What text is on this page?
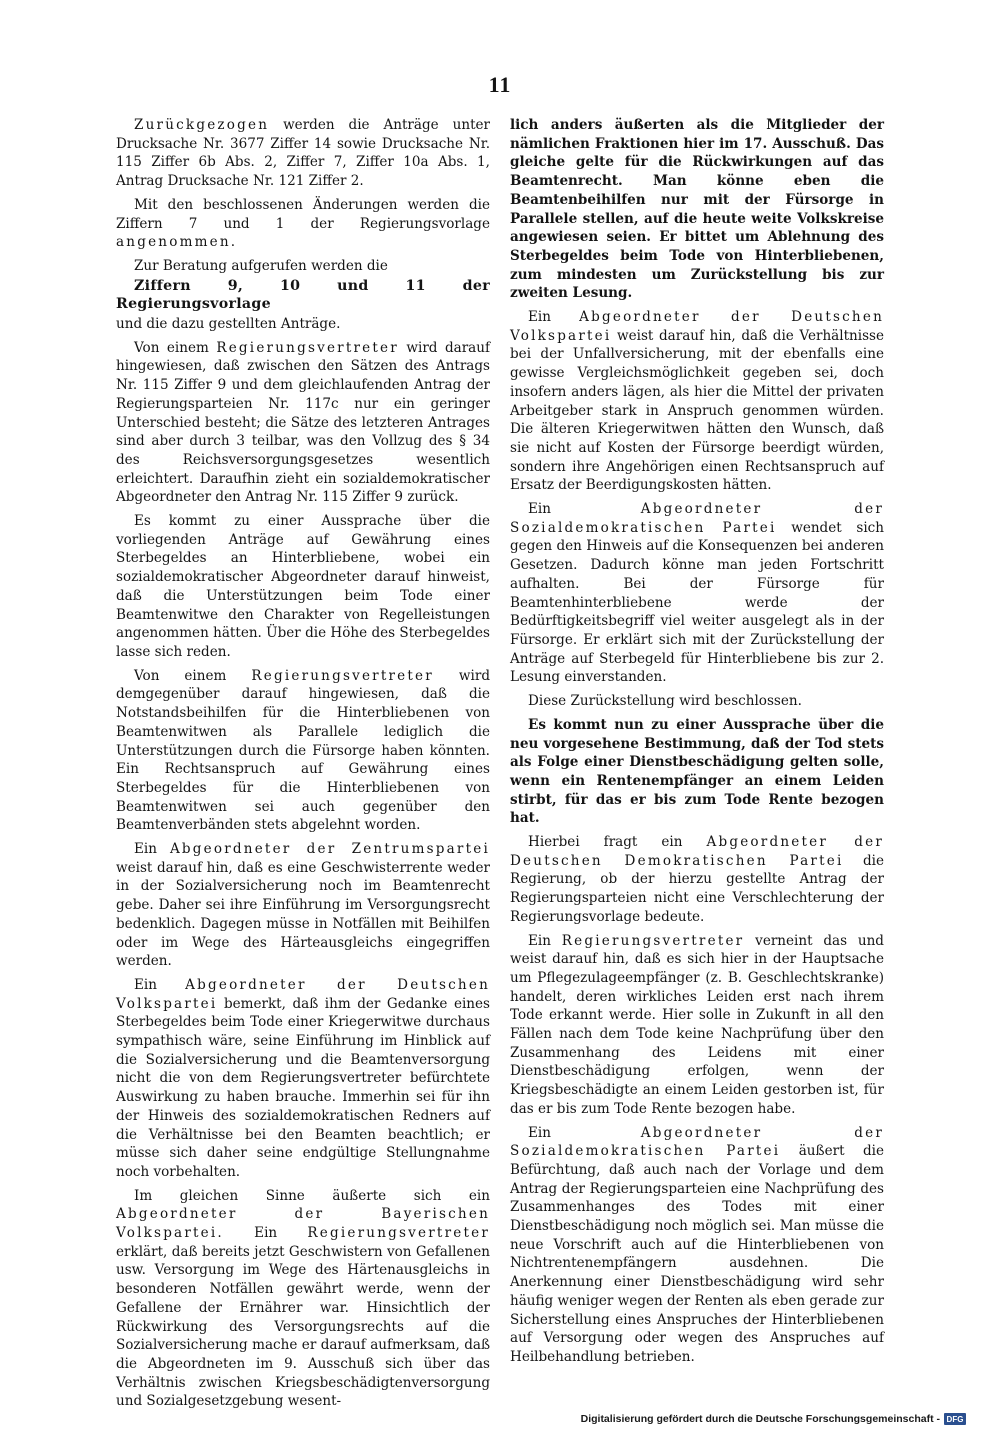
11

Zurückgezogen werden die Anträge unter Drucksache Nr. 3677 Ziffer 14 sowie Drucksache Nr. 115 Ziffer 6b Abs. 2, Ziffer 7, Ziffer 10a Abs. 1, Antrag Drucksache Nr. 121 Ziffer 2.

Mit den beschlossenen Änderungen werden die Ziffern 7 und 1 der Regierungsvorlage angenommen.

Zur Beratung aufgerufen werden die

Ziffern 9, 10 und 11 der Regierungsvorlage

und die dazu gestellten Anträge.

Von einem Regierungsvertreter wird darauf hingewiesen, daß zwischen den Sätzen des Antrags Nr. 115 Ziffer 9 und dem gleichlaufenden Antrag der Regierungsparteien Nr. 117c nur ein geringer Unterschied besteht; die Sätze des letzteren Antrages sind aber durch 3 teilbar, was den Vollzug des § 34 des Reichsversorgungsgesetzes wesentlich erleichtert. Daraufhin zieht ein sozialdemokratischer Abgeordneter den Antrag Nr. 115 Ziffer 9 zurück.

Es kommt zu einer Aussprache über die vorliegenden Anträge auf Gewährung eines Sterbegeldes an Hinterbliebene, wobei ein sozialdemokratischer Abgeordneter darauf hinweist, daß die Unterstützungen beim Tode einer Beamtenwitwe den Charakter von Regelleistungen angenommen hätten. Über die Höhe des Sterbegeldes lasse sich reden.

Von einem Regierungsvertreter wird demgegenüber darauf hingewiesen, daß die Notstandsbeihilfen für die Hinterbliebenen von Beamtenwitwen als Parallele lediglich die Unterstützungen durch die Fürsorge haben könnten. Ein Rechtsanspruch auf Gewährung eines Sterbegeldes für die Hinterbliebenen von Beamtenwitwen sei auch gegenüber den Beamtenverbänden stets abgelehnt worden.

Ein Abgeordneter der Zentrumspartei weist darauf hin, daß es eine Geschwisterrente weder in der Sozialversicherung noch im Beamtenrecht gebe. Daher sei ihre Einführung im Versorgungsrecht bedenklich. Dagegen müsse in Notfällen mit Beihilfen oder im Wege des Härteausgleichs eingegriffen werden.

Ein Abgeordneter der Deutschen Volkspartei bemerkt, daß ihm der Gedanke eines Sterbegeldes beim Tode einer Kriegerwitwe durchaus sympathisch wäre, seine Einführung im Hinblick auf die Sozialversicherung und die Beamtenversorgung nicht die von dem Regierungsvertreter befürchtete Auswirkung zu haben brauche. Immerhin sei für ihn der Hinweis des sozialdemokratischen Redners auf die Verhältnisse bei den Beamten beachtlich; er müsse sich daher seine endgültige Stellungnahme noch vorbehalten.

Im gleichen Sinne äußerte sich ein Abgeordneter der Bayerischen Volkspartei. Ein Regierungsvertreter erklärt, daß bereits jetzt Geschwistern von Gefallenen usw. Versorgung im Wege des Härtenausgleichs in besonderen Notfällen gewährt werde, wenn der Gefallene der Ernährer war. Hinsichtlich der Rückwirkung des Versorgungsrechts auf die Sozialversicherung mache er darauf aufmerksam, daß die Abgeordneten im 9. Ausschuß sich über das Verhältnis zwischen Kriegsbeschädigtenversorgung und Sozialgesetzgebung wesent-

lich anders äußerten als die Mitglieder der nämlichen Fraktionen hier im 17. Ausschuß. Das gleiche gelte für die Rückwirkungen auf das Beamtenrecht. Man könne eben die Beamtenbeihilfen nur mit der Fürsorge in Parallele stellen, auf die heute weite Volkskreise angewiesen seien. Er bittet um Ablehnung des Sterbegeldes beim Tode von Hinterbliebenen, zum mindesten um Zurückstellung bis zur zweiten Lesung.

Ein Abgeordneter der Deutschen Volkspartei weist darauf hin, daß die Verhältnisse bei der Unfallversicherung, mit der ebenfalls eine gewisse Vergleichsmöglichkeit gegeben sei, doch insofern anders lägen, als hier die Mittel der privaten Arbeitgeber stark in Anspruch genommen würden. Die älteren Kriegerwitwen hätten den Wunsch, daß sie nicht auf Kosten der Fürsorge beerdigt würden, sondern ihre Angehörigen einen Rechtsanspruch auf Ersatz der Beerdigungskosten hätten.

Ein Abgeordneter der Sozialdemokratischen Partei wendet sich gegen den Hinweis auf die Konsequenzen bei anderen Gesetzen. Dadurch könne man jeden Fortschritt aufhalten. Bei der Fürsorge für Beamtenhinterbliebene werde der Bedürftigkeitsbegriff viel weiter ausgelegt als in der Fürsorge. Er erklärt sich mit der Zurückstellung der Anträge auf Sterbegeld für Hinterbliebene bis zur 2. Lesung einverstanden.

Diese Zurückstellung wird beschlossen.

Es kommt nun zu einer Aussprache über die neu vorgesehene Bestimmung, daß der Tod stets als Folge einer Dienstbeschädigung gelten solle, wenn ein Rentenempfänger an einem Leiden stirbt, für das er bis zum Tode Rente bezogen hat.

Hierbei fragt ein Abgeordneter der Deutschen Demokratischen Partei die Regierung, ob der hierzu gestellte Antrag der Regierungsparteien nicht eine Verschlechterung der Regierungsvorlage bedeute.

Ein Regierungsvertreter verneint das und weist darauf hin, daß es sich hier in der Hauptsache um Pflegezulageempfänger (z. B. Geschlechtskranke) handelt, deren wirkliches Leiden erst nach ihrem Tode erkannt werde. Hier solle in Zukunft in all den Fällen nach dem Tode keine Nachprüfung über den Zusammenhang des Leidens mit einer Dienstbeschädigung erfolgen, wenn der Kriegsbeschädigte an einem Leiden gestorben ist, für das er bis zum Tode Rente bezogen habe.

Ein Abgeordneter der Sozialdemokratischen Partei äußert die Befürchtung, daß auch nach der Vorlage und dem Antrag der Regierungsparteien eine Nachprüfung des Zusammenhanges des Todes mit einer Dienstbeschädigung noch möglich sei. Man müsse die neue Vorschrift auch auf die Hinterbliebenen von Nichtrentenempfängern ausdehnen. Die Anerkennung einer Dienstbeschädigung wird sehr häufig weniger wegen der Renten als eben gerade zur Sicherstellung eines Anspruches der Hinterbliebenen auf Versorgung oder wegen des Anspruches auf Heilbehandlung betrieben.

Digitalisierung gefördert durch die Deutsche Forschungsgemeinschaft - DFG
